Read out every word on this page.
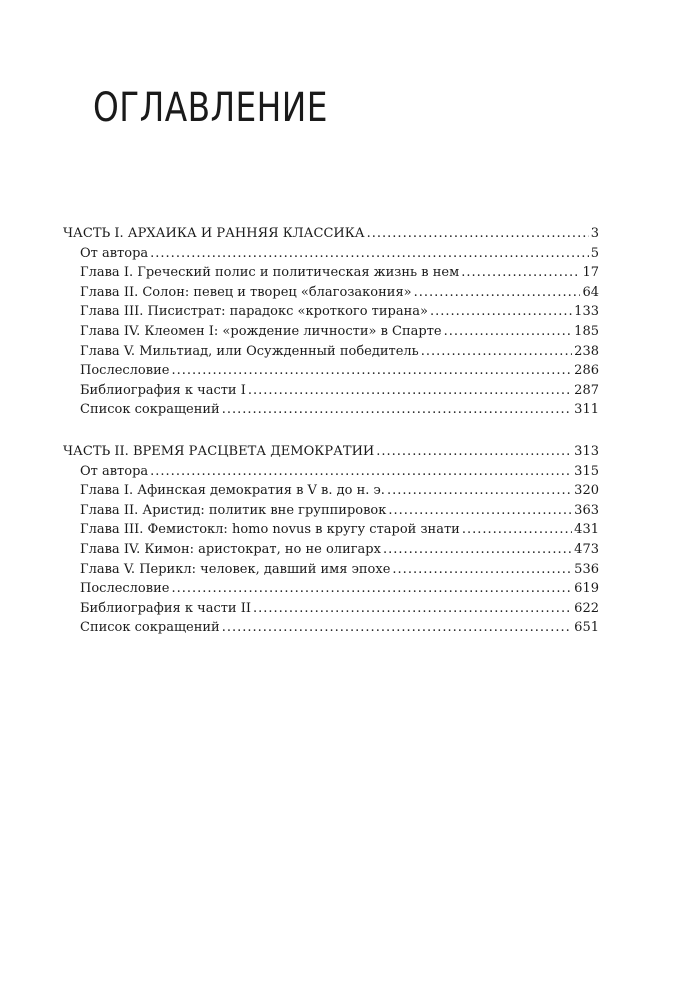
ОГЛАВЛЕНИЕ
ЧАСТЬ I. АРХАИКА И РАННЯЯ КЛАССИКА .....	3
От автора .....	5
Глава I. Греческий полис и политическая жизнь в нем .....	17
Глава II. Солон: певец и творец «благозакония» .....	64
Глава III. Писистрат: парадокс «кроткого тирана» .....	133
Глава IV. Клеомен I: «рождение личности» в Спарте .....	185
Глава V. Мильтиад, или Осужденный победитель .....	238
Послесловие .....	286
Библиография к части I .....	287
Список сокращений .....	311
ЧАСТЬ II. ВРЕМЯ РАСЦВЕТА ДЕМОКРАТИИ .....	313
От автора .....	315
Глава I. Афинская демократия в V в. до н. э. .....	320
Глава II. Аристид: политик вне группировок .....	363
Глава III. Фемистокл: homo novus в кругу старой знати .....	431
Глава IV. Кимон: аристократ, но не олигарх .....	473
Глава V. Перикл: человек, давший имя эпохе .....	536
Послесловие .....	619
Библиография к части II .....	622
Список сокращений .....	651
